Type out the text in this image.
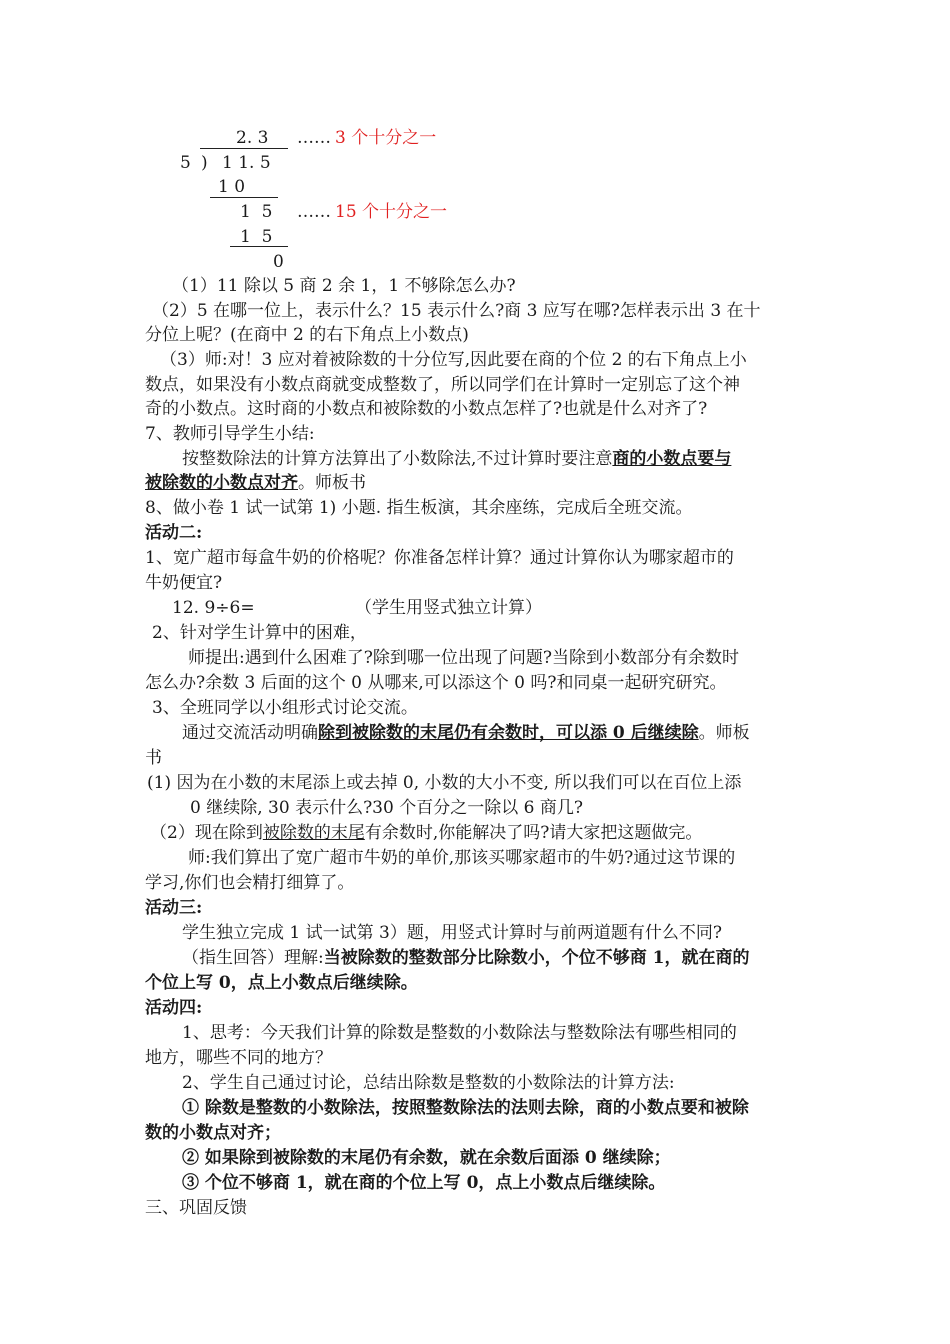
2. 3 …… 3 个十分之一
5 ) 1 1. 5
1 0
1  5 …… 15 个十分之一
1  5
0
（1）11 除以 5 商 2 余 1，1 不够除怎么办?
（2）5 在哪一位上，表示什么？15 表示什么?商 3 应写在哪?怎样表示出 3 在十
分位上呢？(在商中 2 的右下角点上小数点)
（3）师:对！3 应对着被除数的十分位写,因此要在商的个位 2 的右下角点上小
数点，如果没有小数点商就变成整数了，所以同学们在计算时一定别忘了这个神
奇的小数点。这时商的小数点和被除数的小数点怎样了?也就是什么对齐了?
7、教师引导学生小结:
按整数除法的计算方法算出了小数除法,不过计算时要注意商的小数点要与
被除数的小数点对齐。师板书
8、做小卷 1 试一试第 1) 小题. 指生板演，其余座练，完成后全班交流。
活动二:
1、宽广超市每盒牛奶的价格呢？你准备怎样计算？通过计算你认为哪家超市的
牛奶便宜?
12. 9÷6=	（学生用竖式独立计算）
2、针对学生计算中的困难，
师提出:遇到什么困难了?除到哪一位出现了问题?当除到小数部分有余数时
怎么办?余数 3 后面的这个 0 从哪来,可以添这个 0 吗?和同桌一起研究研究。
3、全班同学以小组形式讨论交流。
通过交流活动明确除到被除数的末尾仍有余数时，可以添 0 后继续除。师板
书
(1) 因为在小数的末尾添上或去掉 0, 小数的大小不变, 所以我们可以在百位上添
0 继续除, 30 表示什么?30 个百分之一除以 6 商几?
（2）现在除到被除数的末尾有余数时,你能解决了吗?请大家把这题做完。
师:我们算出了宽广超市牛奶的单价,那该买哪家超市的牛奶?通过这节课的
学习,你们也会精打细算了。
活动三:
学生独立完成 1 试一试第 3）题，用竖式计算时与前两道题有什么不同?
（指生回答）理解:当被除数的整数部分比除数小，个位不够商 1，就在商的
个位上写 0，点上小数点后继续除。
活动四:
1、思考：今天我们计算的除数是整数的小数除法与整数除法有哪些相同的
地方，哪些不同的地方？
2、学生自己通过讨论，总结出除数是整数的小数除法的计算方法:
① 除数是整数的小数除法，按照整数除法的法则去除，商的小数点要和被除
数的小数点对齐；
② 如果除到被除数的末尾仍有余数，就在余数后面添 0 继续除；
③ 个位不够商 1，就在商的个位上写 0，点上小数点后继续除。
三、巩固反馈
